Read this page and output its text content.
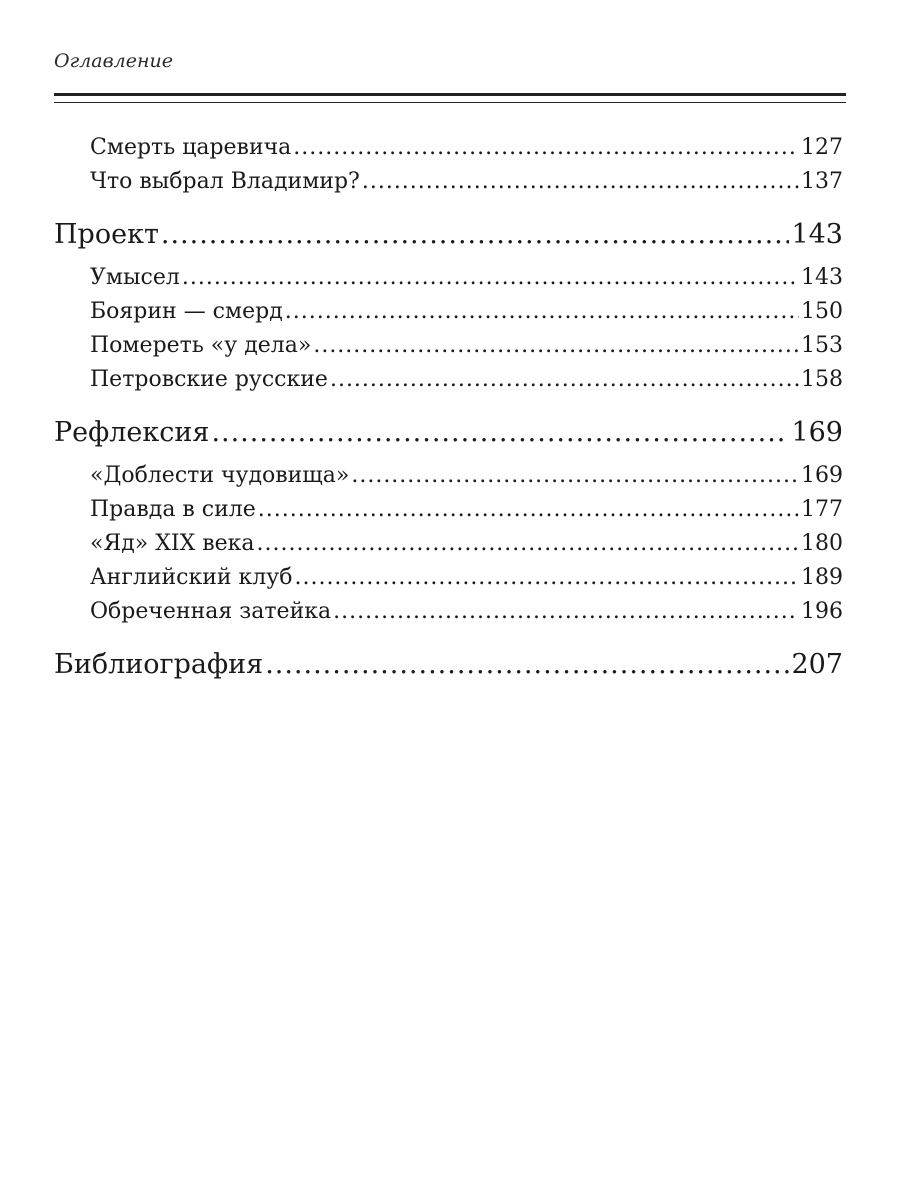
Оглавление
Смерть царевича .....	127
Что выбрал Владимир? .....	137
Проект .....	143
Умысел .....	143
Боярин — смерд .....	150
Помереть «у дела» .....	153
Петровские русские .....	158
Рефлексия .....	169
«Доблести чудовища» .....	169
Правда в силе .....	177
«Яд» XIX века .....	180
Английский клуб .....	189
Обреченная затейка .....	196
Библиография .....	207
